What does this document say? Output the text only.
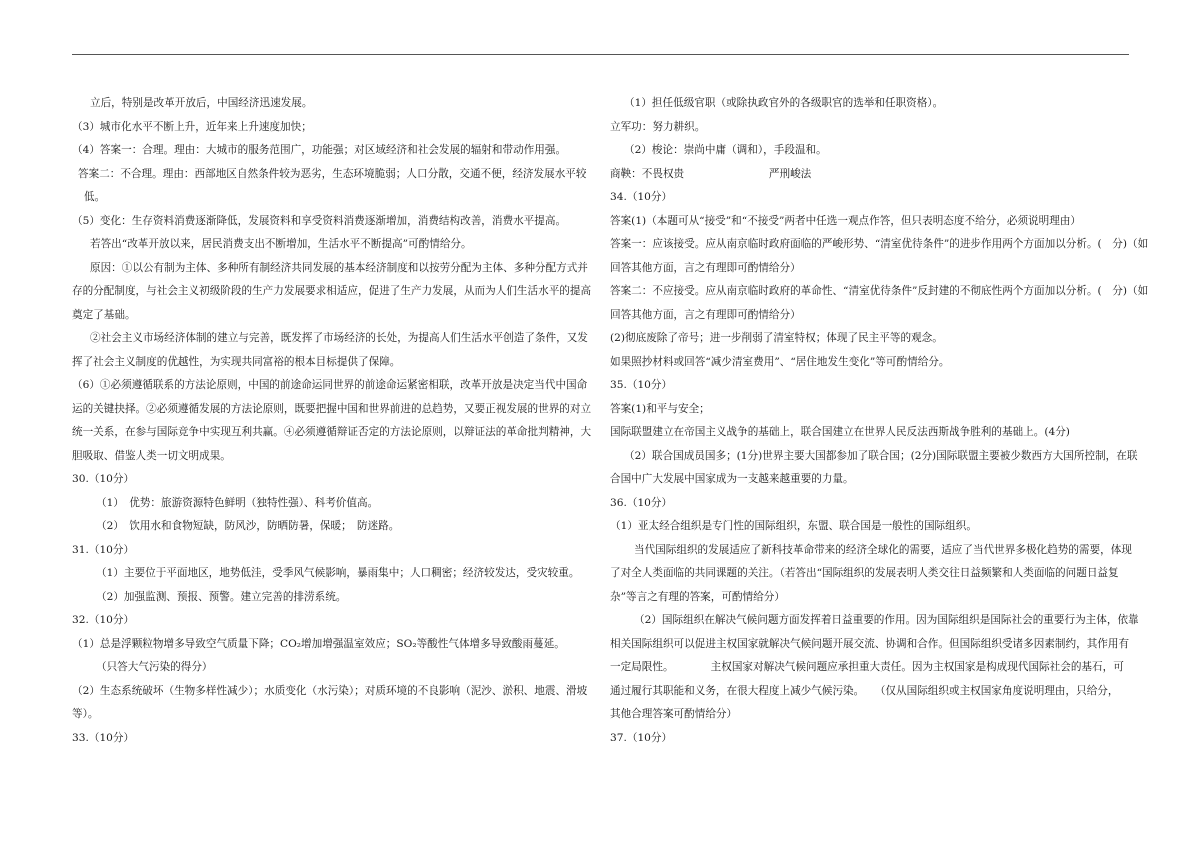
立后，特别是改革开放后，中国经济迅速发展。
（3）城市化水平不断上升，近年来上升速度加快；
（4）答案一：合理。理由：大城市的服务范围广，功能强；对区域经济和社会发展的辐射和带动作用强。
答案二：不合理。理由：西部地区自然条件较为恶劣，生态环境脆弱；人口分散，交通不便，经济发展水平较
低。
（5）变化：生存资料消费逐渐降低，发展资料和享受资料消费逐渐增加，消费结构改善，消费水平提高。
若答出“改革开放以来，居民消费支出不断增加，生活水平不断提高”可酌情给分。
原因：①以公有制为主体、多种所有制经济共同发展的基本经济制度和以按劳分配为主体、多种分配方式并
存的分配制度，与社会主义初级阶段的生产力发展要求相适应，促进了生产力发展，从而为人们生活水平的提高
奠定了基础。
②社会主义市场经济体制的建立与完善，既发挥了市场经济的长处，为提高人们生活水平创造了条件，又发
挥了社会主义制度的优越性，为实现共同富裕的根本目标提供了保障。
（6）①必须遵循联系的方法论原则，中国的前途命运同世界的前途命运紧密相联，改革开放是决定当代中国命
运的关键抉择。②必须遵循发展的方法论原则，既要把握中国和世界前进的总趋势，又要正视发展的世界的对立
统一关系，在参与国际竞争中实现互利共赢。④必须遵循辩证否定的方法论原则，以辩证法的革命批判精神，大
胆吸取、借鉴人类一切文明成果。
30.（10分）
（1）　优势：旅游资源特色鲜明（独特性强）、科考价值高。
（2）　饮用水和食物短缺，防风沙，防晒防暑，保暖；　防迷路。
31.（10分）
（1）主要位于平面地区，地势低洼，受季风气候影响，暴雨集中；人口稠密；经济较发达，受灾较重。
（2）加强监测、预报、预警。建立完善的排涝系统。
32.（10分）
（1）总是浮颗粒物增多导致空气质量下降；CO₂增加增强温室效应；SO₂等酸性气体增多导致酸雨蔓延。
（只答大气污染的得分）
（2）生态系统破坏（生物多样性减少）；水质变化（水污染）；对质环境的不良影响（泥沙、淤积、地震、滑坡
等）。
33.（10分）
（1）担任低级官职（或除执政官外的各级职官的选举和任职资格）。
立军功：努力耕织。
（2）梭论：崇尚中庸（调和），手段温和。
商鞅：不畏权贵　　　　　　　　严刑峻法
34.（10分）
答案(1)（本题可从“接受”和“不接受”两者中任选一观点作答，但只表明态度不给分，必须说明理由）
答案一：应该接受。应从南京临时政府面临的严峻形势、“清室优待条件”的进步作用两个方面加以分析。(　分)（如
回答其他方面，言之有理即可酌情给分）
答案二：不应接受。应从南京临时政府的革命性、“清室优待条件”反封建的不彻底性两个方面加以分析。(　分)（如
回答其他方面，言之有理即可酌情给分）
(2)彻底废除了帝号；进一步削弱了清室特权；体现了民主平等的观念。
如果照抄材料或回答“减少清室费用”、“居住地发生变化”等可酌情给分。
35.（10分）
答案(1)和平与安全；
国际联盟建立在帝国主义战争的基础上，联合国建立在世界人民反法西斯战争胜利的基础上。(4分)
（2）联合国成员国多；(1分)世界主要大国都参加了联合国；(2分)国际联盟主要被少数西方大国所控制，在联
合国中广大发展中国家成为一支越来越重要的力量。
36.（10分）
（1）亚太经合组织是专门性的国际组织，东盟、联合国是一般性的国际组织。
当代国际组织的发展适应了新科技革命带来的经济全球化的需要，适应了当代世界多极化趋势的需要，体现
了对全人类面临的共同课题的关注。（若答出“国际组织的发展表明人类交往日益频繁和人类面临的问题日益复
杂”等言之有理的答案，可酌情给分）
（2）国际组织在解决气候问题方面发挥着日益重要的作用。因为国际组织是国际社会的重要行为主体，依靠
相关国际组织可以促进主权国家就解决气候问题开展交流、协调和合作。但国际组织受诸多因素制约，其作用有
一定局限性。　　　　主权国家对解决气候问题应承担重大责任。因为主权国家是构成现代国际社会的基石，可
通过履行其职能和义务，在很大程度上减少气候污染。　　（仅从国际组织或主权国家角度说明理由，只给分，
其他合理答案可酌情给分）
37.（10分）
